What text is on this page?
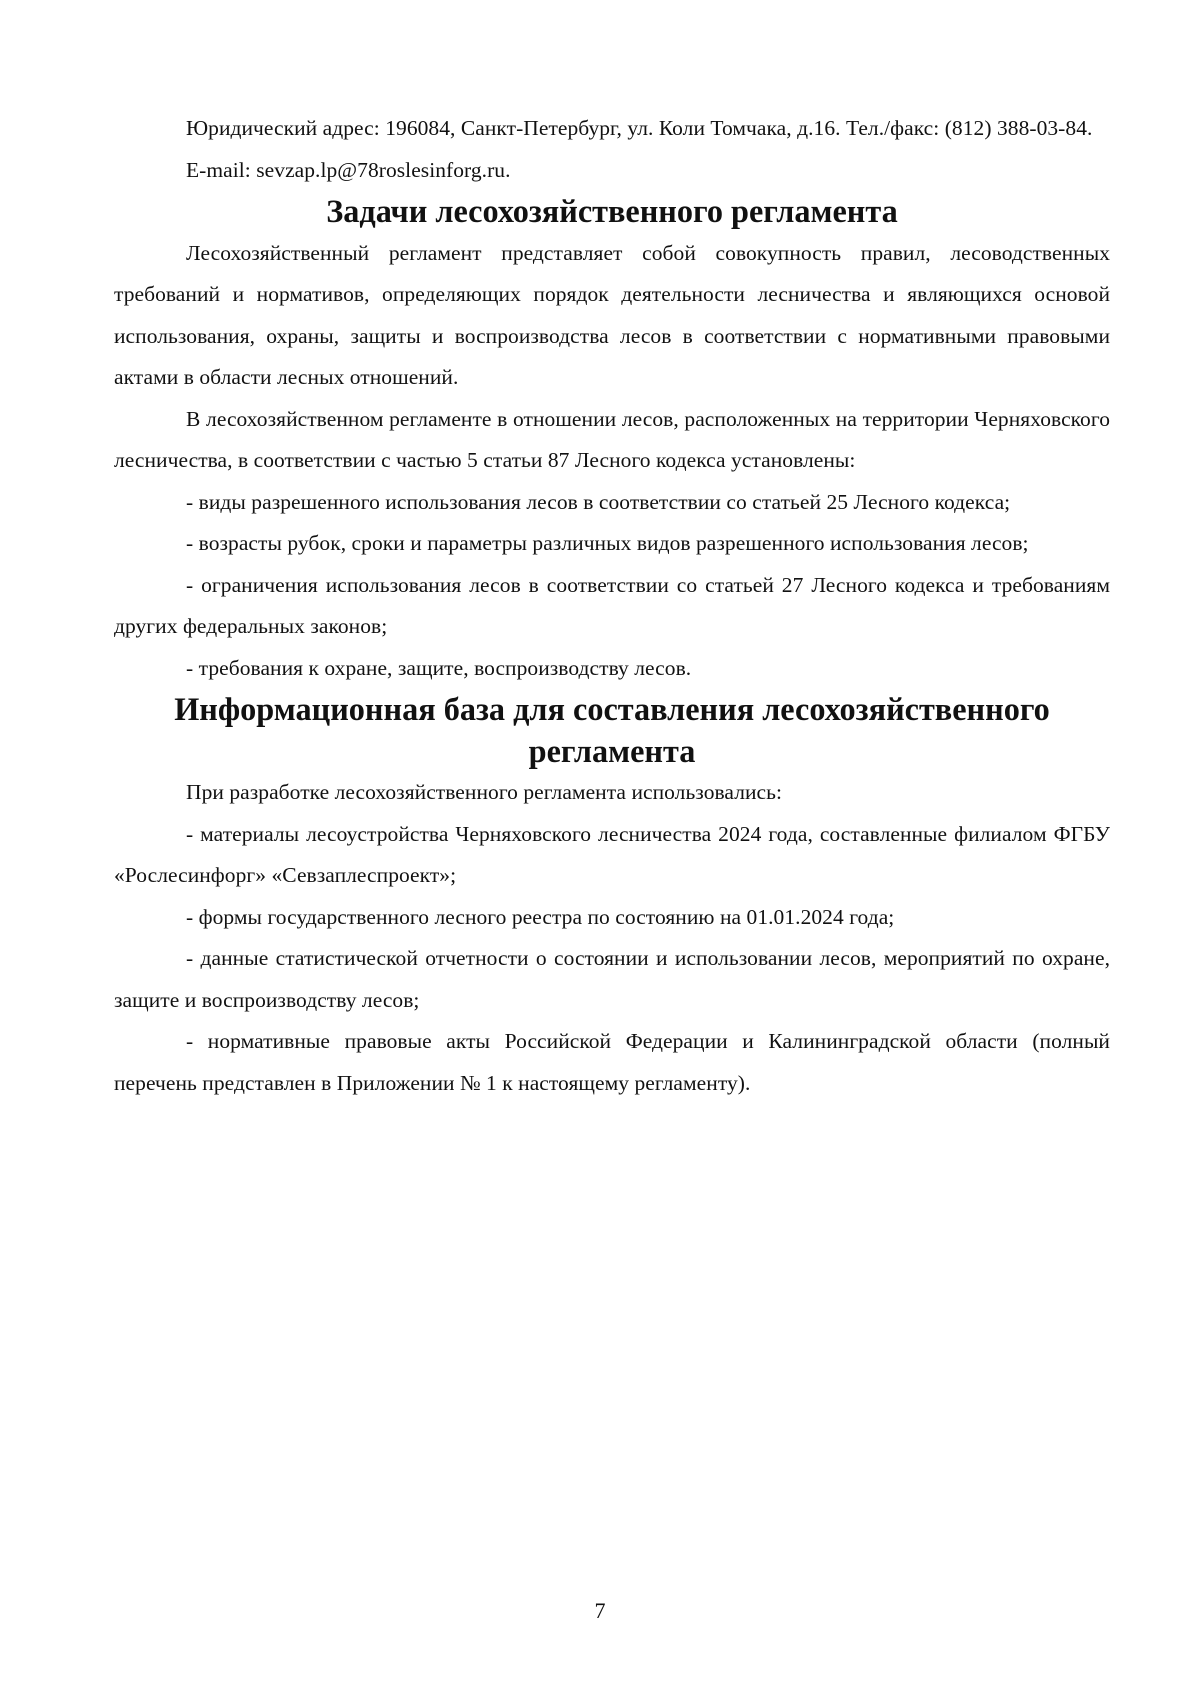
Юридический адрес: 196084, Санкт-Петербург, ул. Коли Томчака, д.16. Тел./факс: (812) 388-03-84.

E-mail: sevzap.lp@78roslesinforg.ru.

Задачи лесохозяйственного регламента

Лесохозяйственный регламент представляет собой совокупность правил, лесоводственных требований и нормативов, определяющих порядок деятельности лесничества и являющихся основой использования, охраны, защиты и воспроизводства лесов в соответствии с нормативными правовыми актами в области лесных отношений.

В лесохозяйственном регламенте в отношении лесов, расположенных на территории Черняховского лесничества, в соответствии с частью 5 статьи 87 Лесного кодекса установлены:

- виды разрешенного использования лесов в соответствии со статьей 25 Лесного кодекса;

- возрасты рубок, сроки и параметры различных видов разрешенного использования лесов;

- ограничения использования лесов в соответствии со статьей 27 Лесного кодекса и требованиям других федеральных законов;

- требования к охране, защите, воспроизводству лесов.

Информационная база для составления лесохозяйственного регламента

При разработке лесохозяйственного регламента использовались:

- материалы лесоустройства Черняховского лесничества 2024 года, составленные филиалом ФГБУ «Рослесинфорг» «Севзаплеспроект»;

- формы государственного лесного реестра по состоянию на 01.01.2024 года;

- данные статистической отчетности о состоянии и использовании лесов, мероприятий по охране, защите и воспроизводству лесов;

- нормативные правовые акты Российской Федерации и Калининградской области (полный перечень представлен в Приложении № 1 к настоящему регламенту).

7
